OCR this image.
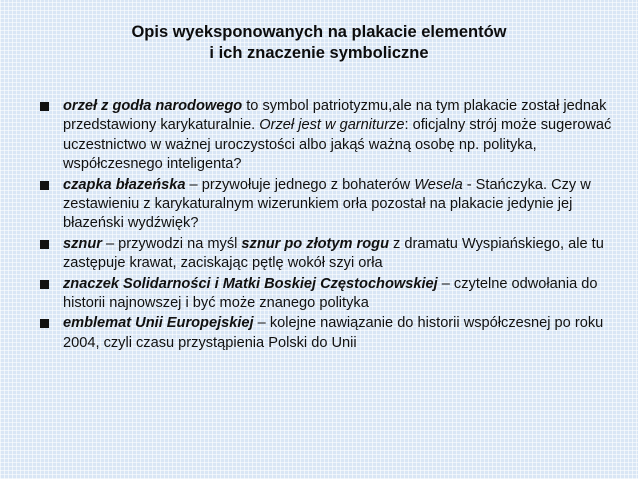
Opis wyeksponowanych na plakacie elementów
i ich znaczenie symboliczne
orzeł z godła narodowego to symbol patriotyzmu,ale na tym plakacie został jednak przedstawiony karykaturalnie. Orzeł jest w garniturze: oficjalny strój może sugerować uczestnictwo w ważnej uroczystości albo jakąś ważną osobę np. polityka, współczesnego inteligenta?
czapka błazeńska – przywołuje jednego z bohaterów Wesela - Stańczyka. Czy w zestawieniu z karykaturalnym wizerunkiem orła pozostał na plakacie jedynie jej błazeński wydźwięk?
sznur – przywodzi na myśl sznur po złotym rogu z dramatu Wyspiańskiego, ale tu zastępuje krawat, zaciskając pętlę wokół szyi orła
znaczek Solidarności i Matki Boskiej Częstochowskiej – czytelne odwołania do historii najnowszej i być może znanego polityka
emblemat Unii Europejskiej – kolejne nawiązanie do historii współczesnej po roku 2004, czyli czasu przystąpienia Polski do Unii
